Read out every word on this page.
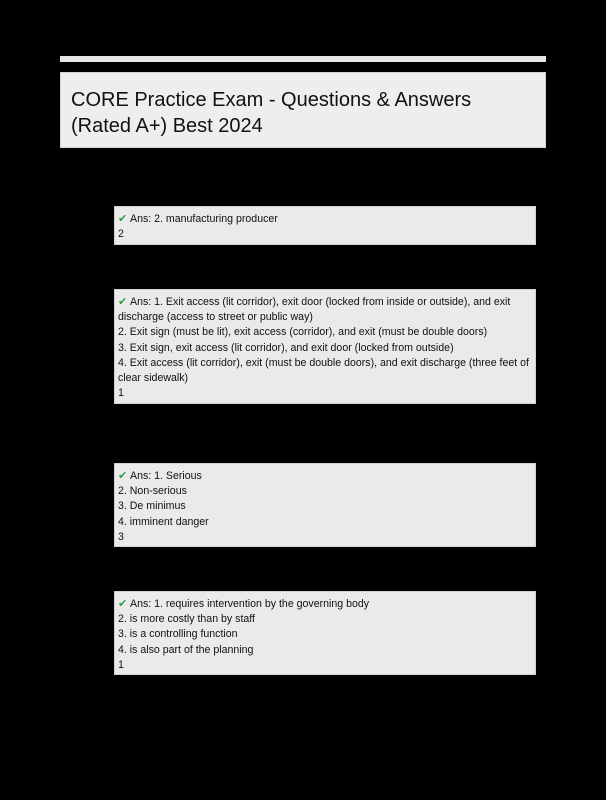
CORE Practice Exam - Questions & Answers (Rated A+) Best 2024
✔ Ans: 2. manufacturing producer
2
✔ Ans: 1. Exit access (lit corridor), exit door (locked from inside or outside), and exit discharge (access to street or public way)
2. Exit sign (must be lit), exit access (corridor), and exit (must be double doors)
3. Exit sign, exit access (lit corridor), and exit door (locked from outside)
4. Exit access (lit corridor), exit (must be double doors), and exit discharge (three feet of clear sidewalk)
1
✔ Ans: 1. Serious
2. Non-serious
3. De minimus
4. imminent danger
3
✔ Ans: 1. requires intervention by the governing body
2. is more costly than by staff
3. is a controlling function
4. is also part of the planning
1
